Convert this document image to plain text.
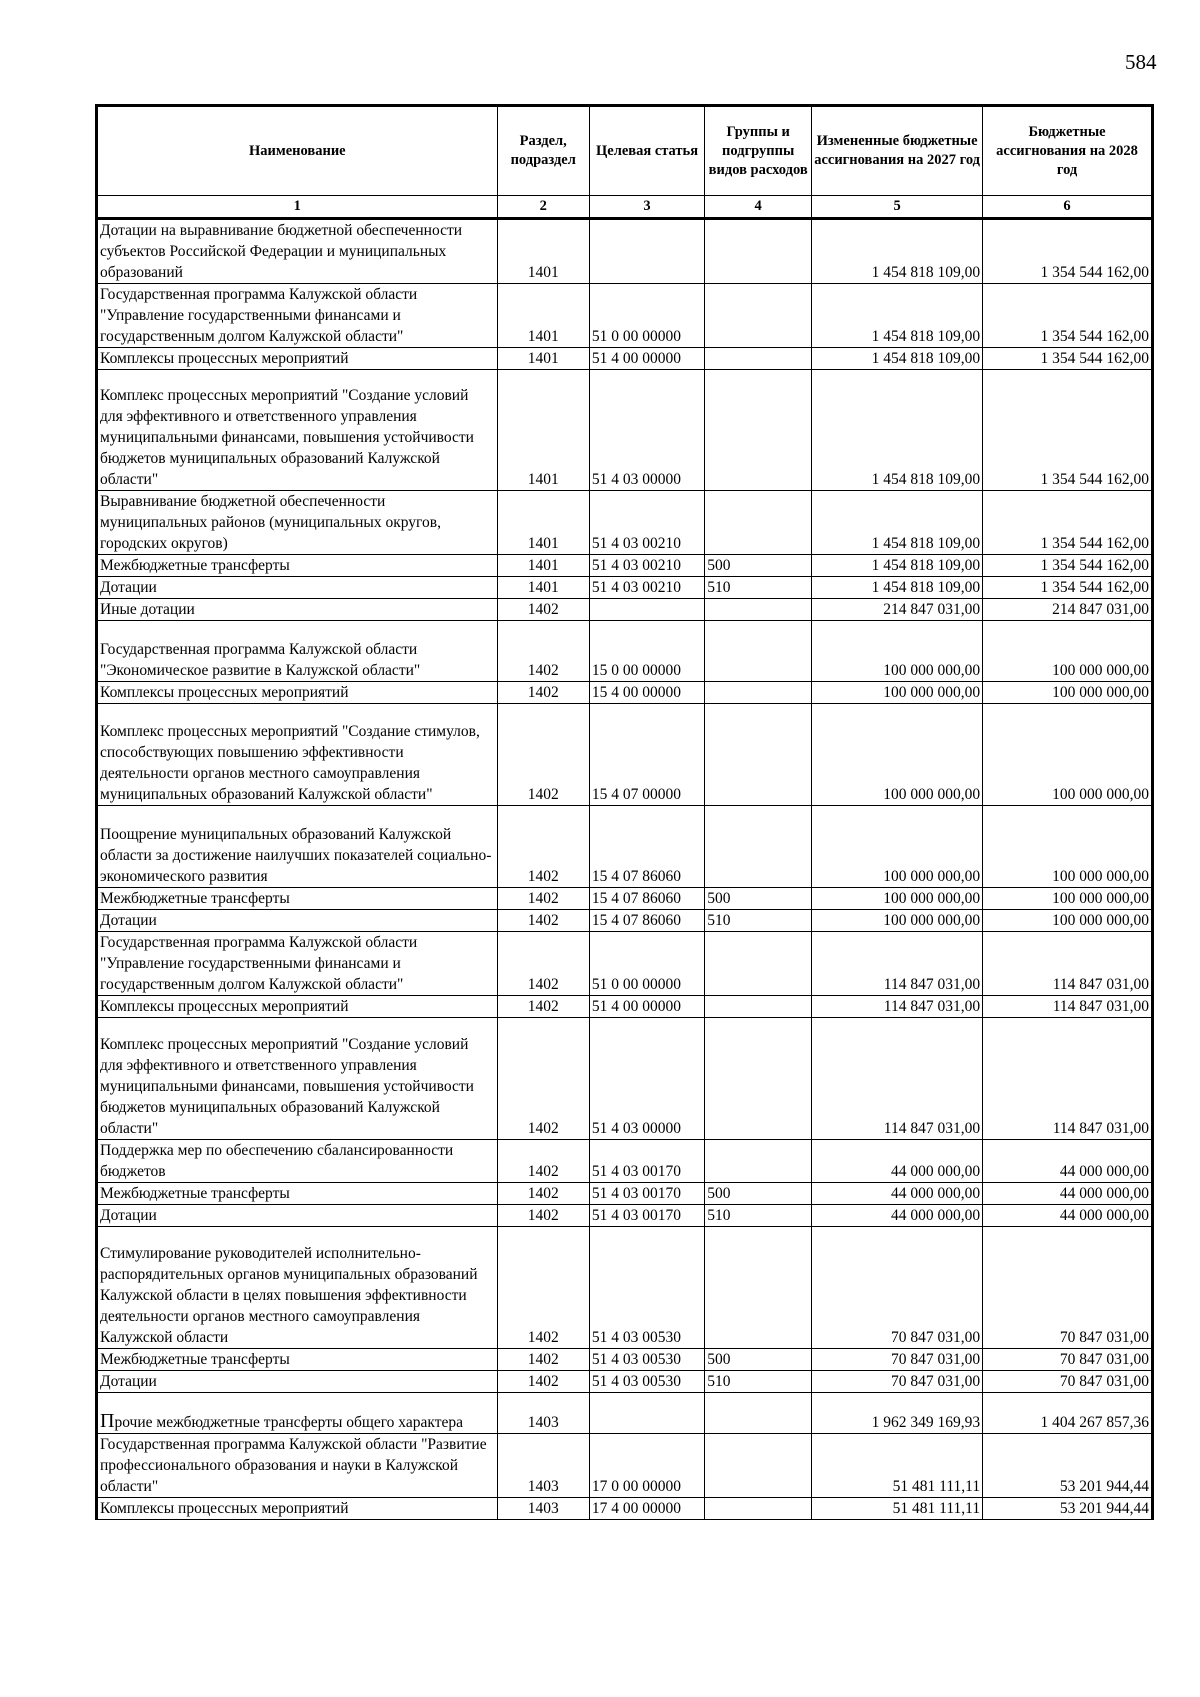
584
Наименование	Раздел, подраздел	Целевая статья	Группы и подгруппы видов расходов	Измененные бюджетные ассигнования на 2027 год	Бюджетные ассигнования на 2028 год
1	2	3	4	5	6
Дотации на выравнивание бюджетной обеспеченности субъектов Российской Федерации и муниципальных образований	1401			1 454 818 109,00	1 354 544 162,00
Государственная программа Калужской области "Управление государственными финансами и государственным долгом Калужской области"	1401	51 0 00 00000		1 454 818 109,00	1 354 544 162,00
Комплексы процессных мероприятий	1401	51 4 00 00000		1 454 818 109,00	1 354 544 162,00
Комплекс процессных мероприятий "Создание условий для эффективного и ответственного управления муниципальными финансами, повышения устойчивости бюджетов муниципальных образований Калужской области"	1401	51 4 03 00000		1 454 818 109,00	1 354 544 162,00
Выравнивание бюджетной обеспеченности муниципальных районов (муниципальных округов, городских округов)	1401	51 4 03 00210		1 454 818 109,00	1 354 544 162,00
Межбюджетные трансферты	1401	51 4 03 00210	500	1 454 818 109,00	1 354 544 162,00
Дотации	1401	51 4 03 00210	510	1 454 818 109,00	1 354 544 162,00
Иные дотации	1402			214 847 031,00	214 847 031,00
Государственная программа Калужской области "Экономическое развитие в Калужской области"	1402	15 0 00 00000		100 000 000,00	100 000 000,00
Комплексы процессных мероприятий	1402	15 4 00 00000		100 000 000,00	100 000 000,00
Комплекс процессных мероприятий "Создание стимулов, способствующих повышению эффективности деятельности органов местного самоуправления муниципальных образований Калужской области"	1402	15 4 07 00000		100 000 000,00	100 000 000,00
Поощрение муниципальных образований Калужской области за достижение наилучших показателей социально-экономического развития	1402	15 4 07 86060		100 000 000,00	100 000 000,00
Межбюджетные трансферты	1402	15 4 07 86060	500	100 000 000,00	100 000 000,00
Дотации	1402	15 4 07 86060	510	100 000 000,00	100 000 000,00
Государственная программа Калужской области "Управление государственными финансами и государственным долгом Калужской области"	1402	51 0 00 00000		114 847 031,00	114 847 031,00
Комплексы процессных мероприятий	1402	51 4 00 00000		114 847 031,00	114 847 031,00
Комплекс процессных мероприятий "Создание условий для эффективного и ответственного управления муниципальными финансами, повышения устойчивости бюджетов муниципальных образований Калужской области"	1402	51 4 03 00000		114 847 031,00	114 847 031,00
Поддержка мер по обеспечению сбалансированности бюджетов	1402	51 4 03 00170		44 000 000,00	44 000 000,00
Межбюджетные трансферты	1402	51 4 03 00170	500	44 000 000,00	44 000 000,00
Дотации	1402	51 4 03 00170	510	44 000 000,00	44 000 000,00
Стимулирование руководителей исполнительно-распорядительных органов муниципальных образований Калужской области в целях повышения эффективности деятельности органов местного самоуправления Калужской области	1402	51 4 03 00530		70 847 031,00	70 847 031,00
Межбюджетные трансферты	1402	51 4 03 00530	500	70 847 031,00	70 847 031,00
Дотации	1402	51 4 03 00530	510	70 847 031,00	70 847 031,00
Прочие межбюджетные трансферты общего характера	1403			1 962 349 169,93	1 404 267 857,36
Государственная программа Калужской области "Развитие профессионального образования и науки в Калужской области"	1403	17 0 00 00000		51 481 111,11	53 201 944,44
Комплексы процессных мероприятий	1403	17 4 00 00000		51 481 111,11	53 201 944,44
